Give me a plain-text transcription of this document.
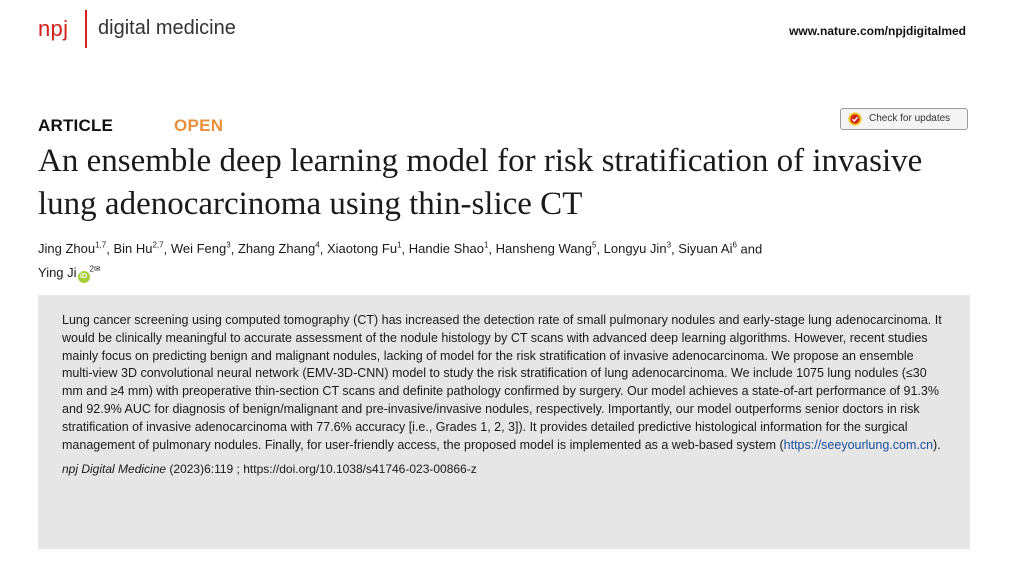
npj digital medicine	www.nature.com/npjdigitalmed
ARTICLE	OPEN	Check for updates
An ensemble deep learning model for risk stratification of invasive lung adenocarcinoma using thin-slice CT
Jing Zhou$^{1,7}$, Bin Hu$^{2,7}$, Wei Feng$^3$, Zhang Zhang$^4$, Xiaotong Fu$^1$, Handie Shao$^1$, Hansheng Wang$^5$, Longyu Jin$^3$, Siyuan Ai$^6$ and
Ying Ji $iD^{2✉}$

Lung cancer screening using computed tomography (CT) has increased the detection rate of small pulmonary nodules and early-stage lung adenocarcinoma. It would be clinically meaningful to accurate assessment of the nodule histology by CT scans with advanced deep learning algorithms. However, recent studies mainly focus on predicting benign and malignant nodules, lacking of model for the risk stratification of invasive adenocarcinoma. We propose an ensemble multi-view 3D convolutional neural network (EMV-3D-CNN) model to study the risk stratification of lung adenocarcinoma. We include 1075 lung nodules (≤30 mm and ≥4 mm) with preoperative thin-section CT scans and definite pathology confirmed by surgery. Our model achieves a state-of-art performance of 91.3% and 92.9% AUC for diagnosis of benign/malignant and pre-invasive/invasive nodules, respectively. Importantly, our model outperforms senior doctors in risk stratification of invasive adenocarcinoma with 77.6% accuracy [i.e., Grades 1, 2, 3]). It provides detailed predictive histological information for the surgical management of pulmonary nodules. Finally, for user-friendly access, the proposed model is implemented as a web-based system (https://seeyourlung.com.cn).

npj Digital Medicine (2023)6:119 ; https://doi.org/10.1038/s41746-023-00866-z
